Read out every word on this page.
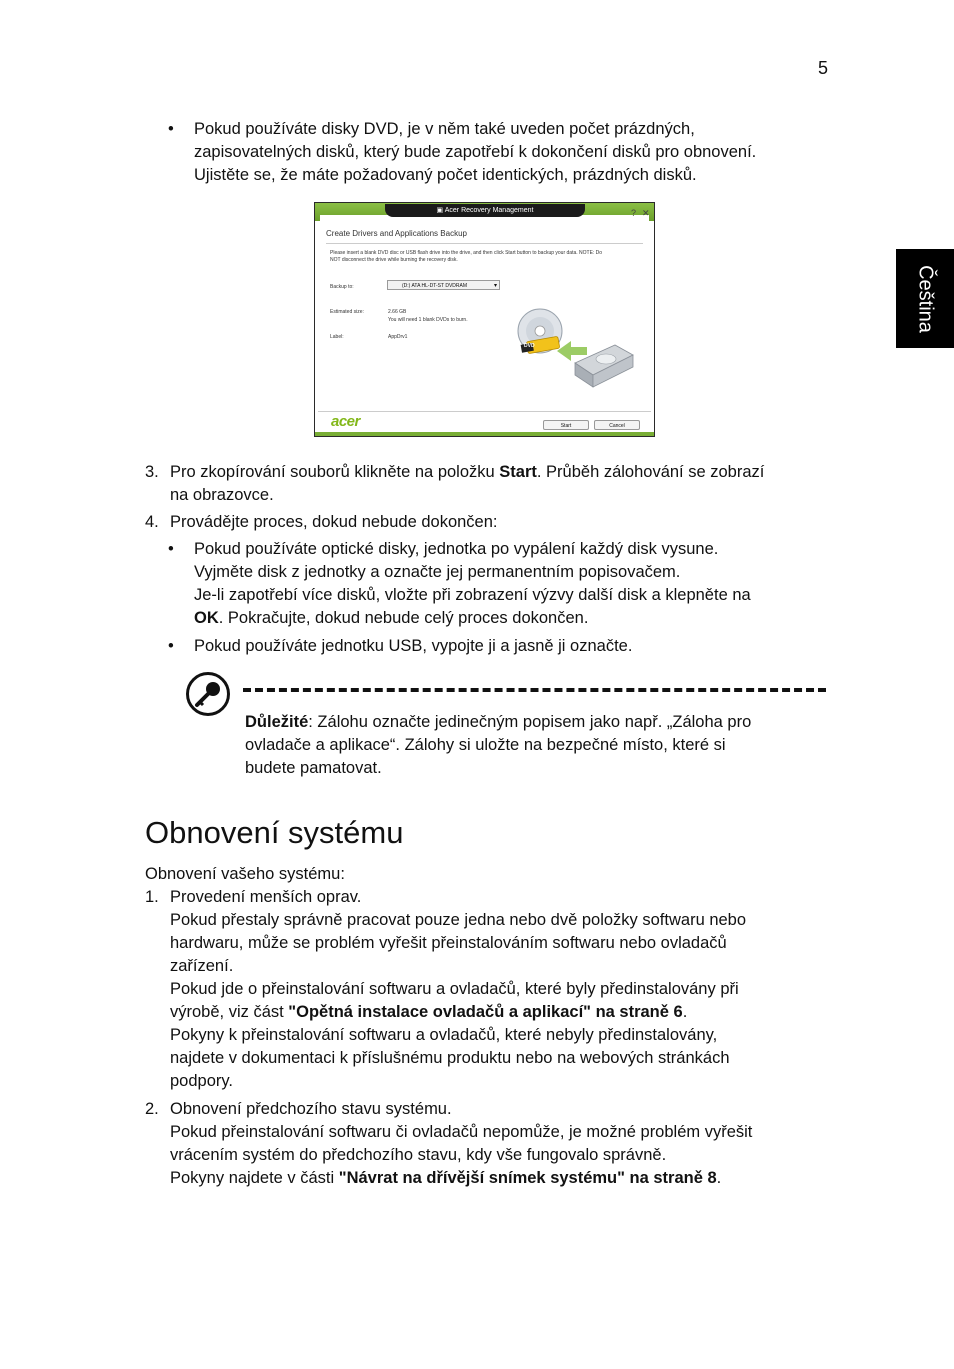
5
Čeština
• Pokud používáte disky DVD, je v něm také uveden počet prázdných,
zapisovatelných disků, který bude zapotřebí k dokončení disků pro obnovení.
Ujistěte se, že máte požadovaný počet identických, prázdných disků.
▣ Acer Recovery Management	? ✕
Create Drivers and Applications Backup
Please insert a blank DVD disc or USB flash drive into the drive, and then click Start button to backup your data. NOTE: Do
NOT disconnect the drive while burning the recovery disk.
Backup to:	(D:) ATA HL-DT-ST DVDRAM	▾
Estimated size:	2.66 GB
You will need 1 blank DVDs to burn.
Label:	AppDrv1
DVD
acer	Start	Cancel
3. Pro zkopírování souborů klikněte na položku Start. Průběh zálohování se zobrazí
na obrazovce.
4. Provádějte proces, dokud nebude dokončen:
• Pokud používáte optické disky, jednotka po vypálení každý disk vysune.
Vyjměte disk z jednotky a označte jej permanentním popisovačem.
Je-li zapotřebí více disků, vložte při zobrazení výzvy další disk a klepněte na
OK. Pokračujte, dokud nebude celý proces dokončen.
• Pokud používáte jednotku USB, vypojte ji a jasně ji označte.
Důležité: Zálohu označte jedinečným popisem jako např. „Záloha pro
ovladače a aplikace“. Zálohy si uložte na bezpečné místo, které si
budete pamatovat.
Obnovení systému
Obnovení vašeho systému:
1. Provedení menších oprav.
Pokud přestaly správně pracovat pouze jedna nebo dvě položky softwaru nebo
hardwaru, může se problém vyřešit přeinstalováním softwaru nebo ovladačů
zařízení.
Pokud jde o přeinstalování softwaru a ovladačů, které byly předinstalovány při
výrobě, viz část "Opětná instalace ovladačů a aplikací" na straně 6.
Pokyny k přeinstalování softwaru a ovladačů, které nebyly předinstalovány,
najdete v dokumentaci k příslušnému produktu nebo na webových stránkách
podpory.
2. Obnovení předchozího stavu systému.
Pokud přeinstalování softwaru či ovladačů nepomůže, je možné problém vyřešit
vrácením systém do předchozího stavu, kdy vše fungovalo správně.
Pokyny najdete v části "Návrat na dřívější snímek systému" na straně 8.
